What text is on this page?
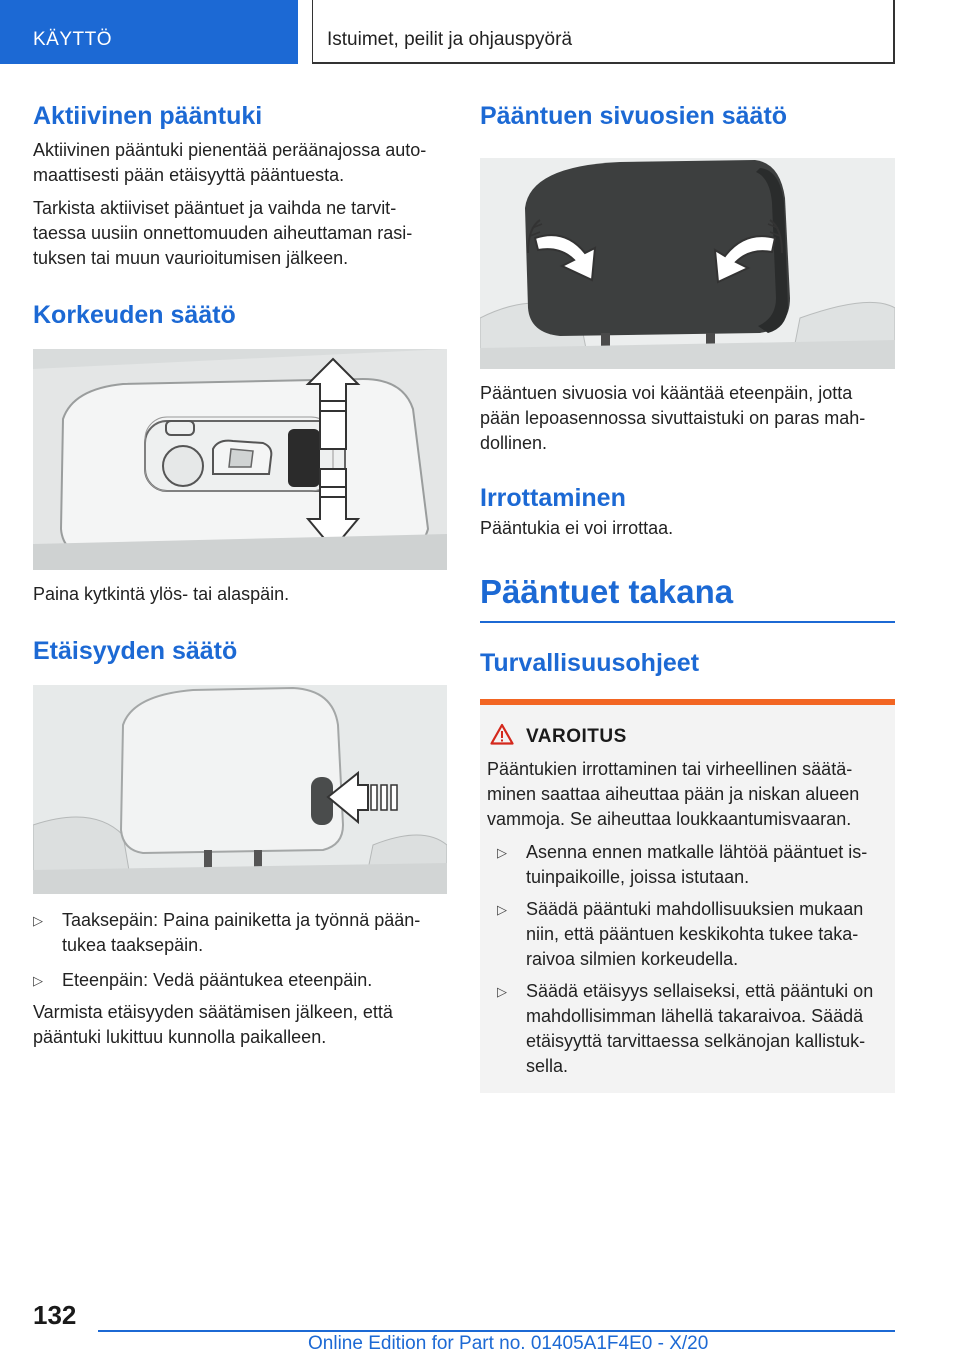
KÄYTTÖ	Istuimet, peilit ja ohjauspyörä
Aktiivinen pääntuki

Aktiivinen pääntuki pienentää peräänajossa auto-maattisesti pään etäisyyttä pääntuesta.

Tarkista aktiiviset pääntuet ja vaihda ne tarvit-taessa uusiin onnettomuuden aiheuttaman rasi-tuksen tai muun vaurioitumisen jälkeen.

Korkeuden säätö

Paina kytkintä ylös- tai alaspäin.

Etäisyyden säätö
▷ Taaksepäin: Paina painiketta ja työnnä pään-tukea taaksepäin.
▷ Eteenpäin: Vedä pääntukea eteenpäin.

Varmista etäisyyden säätämisen jälkeen, että pääntuki lukittuu kunnolla paikalleen.

Pääntuen sivuosien säätö

Pääntuen sivuosia voi kääntää eteenpäin, jotta pään lepoasennossa sivuttaistuki on paras mah-dollinen.

Irrottaminen

Pääntukia ei voi irrottaa.

Pääntuet takana
Turvallisuusohjeet
VAROITUS

Pääntukien irrottaminen tai virheellinen säätä-minen saattaa aiheuttaa pään ja niskan alueen vammoja. Se aiheuttaa loukkaantumisvaaran.

▷ Asenna ennen matkalle lähtöä pääntuet is-tuinpaikoille, joissa istutaan.
▷ Säädä pääntuki mahdollisuuksien mukaan niin, että pääntuen keskikohta tukee taka-raivoa silmien korkeudella.
▷ Säädä etäisyys sellaiseksi, että pääntuki on mahdollisimman lähellä takaraivoa. Säädä etäisyyttä tarvittaessa selkänojan kallistuk-sella.
132
Online Edition for Part no. 01405A1F4E0 - X/20
